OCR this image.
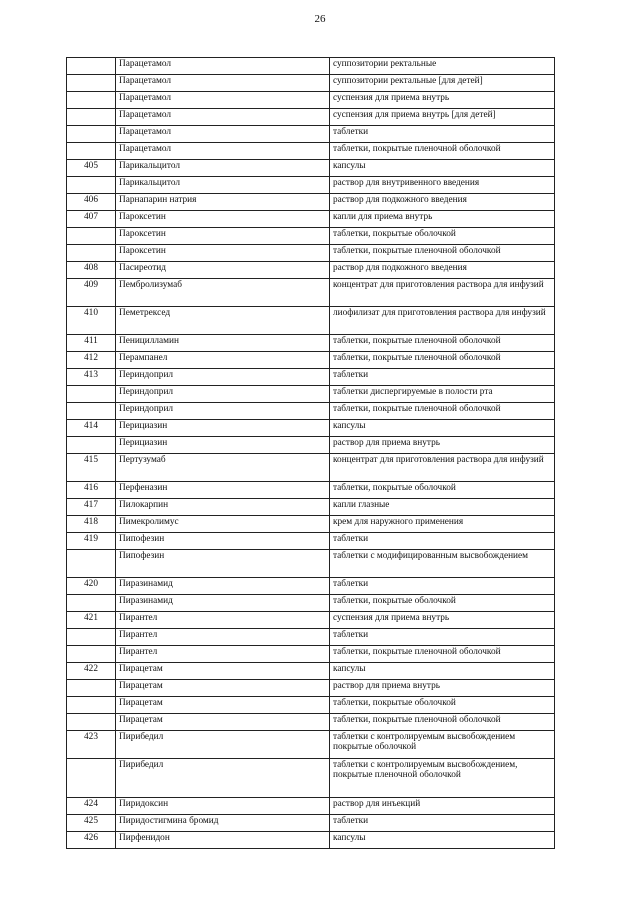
26
	Парацетамол	суппозитории ректальные
	Парацетамол	суппозитории ректальные [для детей]
	Парацетамол	суспензия для приема внутрь
	Парацетамол	суспензия для приема внутрь [для детей]
	Парацетамол	таблетки
	Парацетамол	таблетки, покрытые пленочной оболочкой
405	Парикальцитол	капсулы
	Парикальцитол	раствор для внутривенного введения
406	Парнапарин натрия	раствор для подкожного введения
407	Пароксетин	капли для приема внутрь
	Пароксетин	таблетки, покрытые оболочкой
	Пароксетин	таблетки, покрытые пленочной оболочкой
408	Пасиреотид	раствор для подкожного введения
409	Пембролизумаб	концентрат для приготовления раствора для инфузий
410	Пеметрексед	лиофилизат для приготовления раствора для инфузий
411	Пеницилламин	таблетки, покрытые пленочной оболочкой
412	Перампанел	таблетки, покрытые пленочной оболочкой
413	Периндоприл	таблетки
	Периндоприл	таблетки диспергируемые в полости рта
	Периндоприл	таблетки, покрытые пленочной оболочкой
414	Перициазин	капсулы
	Перициазин	раствор для приема внутрь
415	Пертузумаб	концентрат для приготовления раствора для инфузий
416	Перфеназин	таблетки, покрытые оболочкой
417	Пилокарпин	капли глазные
418	Пимекролимус	крем для наружного применения
419	Пипофезин	таблетки
	Пипофезин	таблетки с модифицированным высвобождением
420	Пиразинамид	таблетки
	Пиразинамид	таблетки, покрытые оболочкой
421	Пирантел	суспензия для приема внутрь
	Пирантел	таблетки
	Пирантел	таблетки, покрытые пленочной оболочкой
422	Пирацетам	капсулы
	Пирацетам	раствор для приема внутрь
	Пирацетам	таблетки, покрытые оболочкой
	Пирацетам	таблетки, покрытые пленочной оболочкой
423	Пирибедил	таблетки с контролируемым высвобождением покрытые оболочкой
	Пирибедил	таблетки с контролируемым высвобождением, покрытые пленочной оболочкой
424	Пиридоксин	раствор для инъекций
425	Пиридостигмина бромид	таблетки
426	Пирфенидон	капсулы
